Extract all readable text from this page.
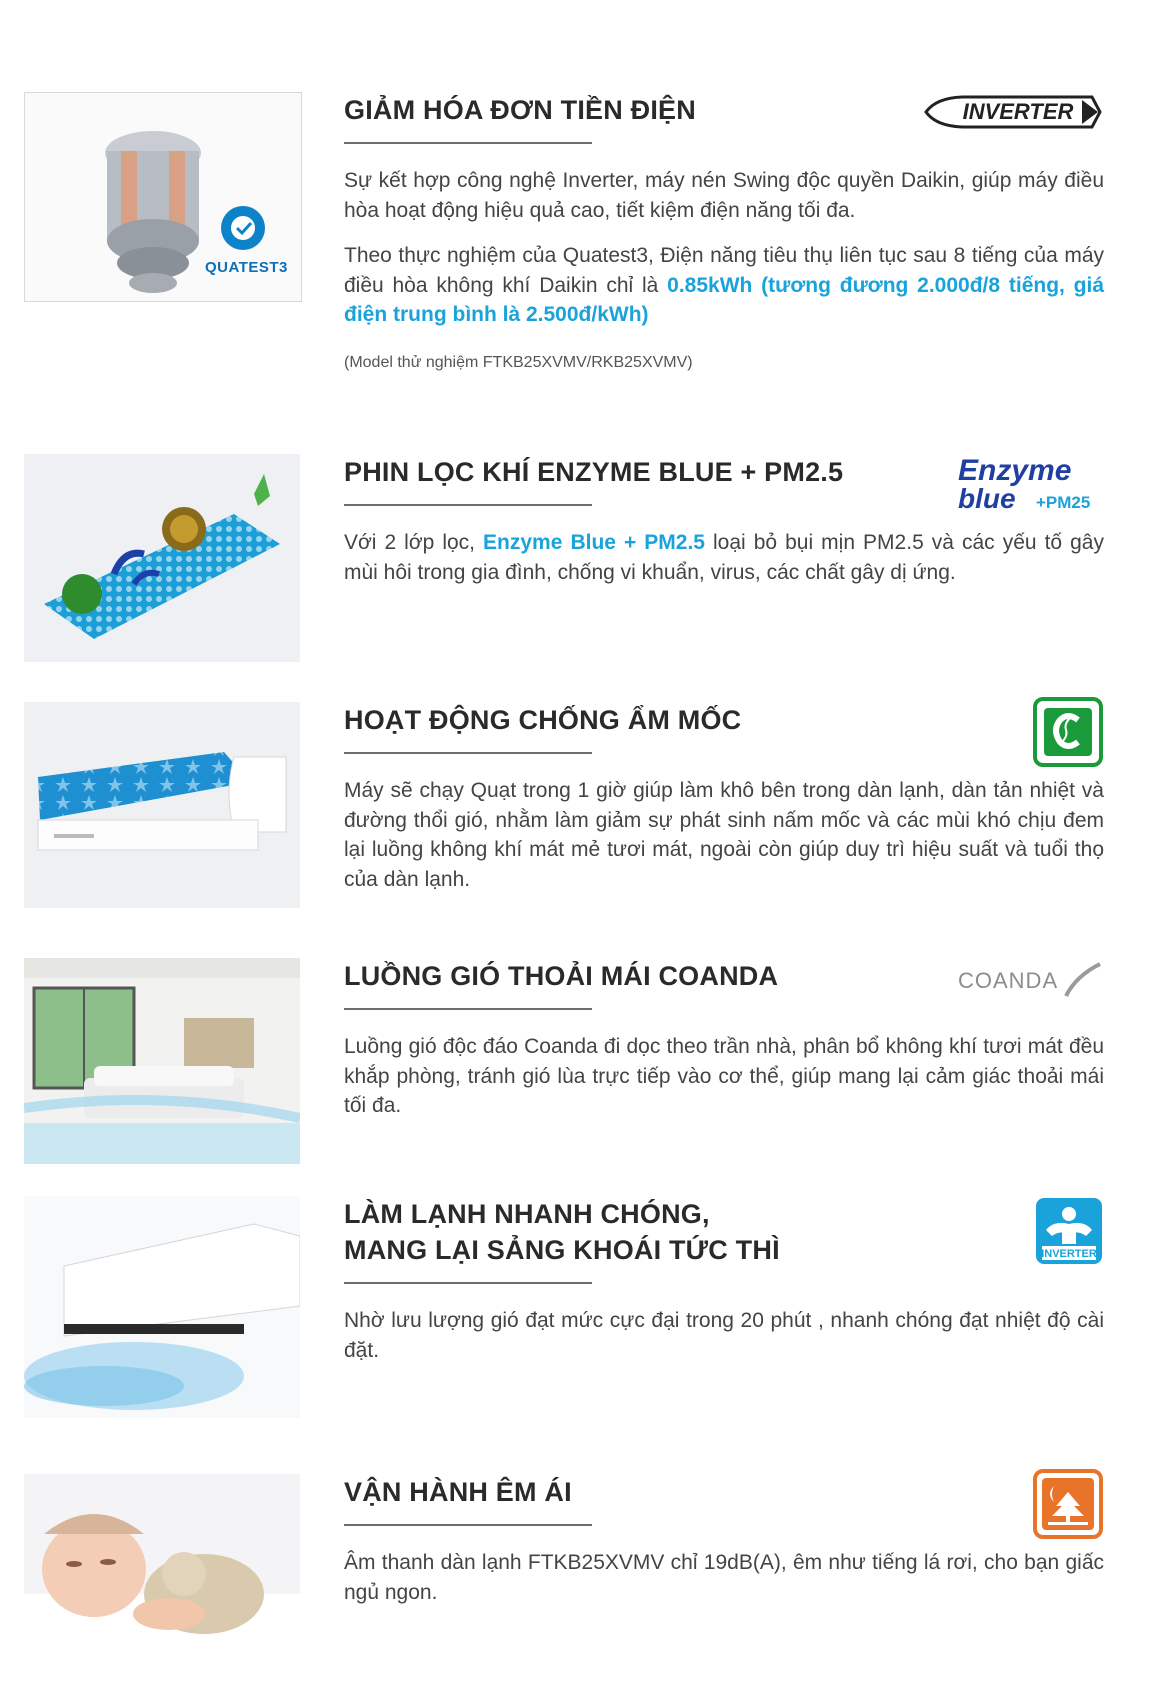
QUATEST3
GIẢM HÓA ĐƠN TIỀN ĐIỆN

Sự kết hợp công nghệ Inverter, máy nén Swing độc quyền Daikin, giúp máy điều hòa hoạt động hiệu quả cao, tiết kiệm điện năng tối đa.

Theo thực nghiệm của Quatest3, Điện năng tiêu thụ liên tục sau 8 tiếng của máy điều hòa không khí Daikin chỉ là 0.85kWh (tương đương 2.000đ/8 tiếng, giá điện trung bình là 2.500đ/kWh)

(Model thử nghiệm FTKB25XVMV/RKB25XVMV)
INVERTER
PHIN LỌC KHÍ ENZYME BLUE + PM2.5

Với 2 lớp lọc, Enzyme Blue + PM2.5 loại bỏ bụi mịn PM2.5 và các yếu tố gây mùi hôi trong gia đình, chống vi khuẩn, virus, các chất gây dị ứng.

Enzyme
blue +PM25
HOẠT ĐỘNG CHỐNG ẨM MỐC

Máy sẽ chạy Quạt trong 1 giờ giúp làm khô bên trong dàn lạnh, dàn tản nhiệt và đường thổi gió, nhằm làm giảm sự phát sinh nấm mốc và các mùi khó chịu đem lại luồng không khí mát mẻ tươi mát, ngoài còn giúp duy trì hiệu suất và tuổi thọ của dàn lạnh.

LUỒNG GIÓ THOẢI MÁI COANDA

Luồng gió độc đáo Coanda đi dọc theo trần nhà, phân bổ không khí tươi mát đều khắp phòng, tránh gió lùa trực tiếp vào cơ thể, giúp mang lại cảm giác thoải mái tối đa.

COANDA
LÀM LẠNH NHANH CHÓNG,
MANG LẠI SẢNG KHOÁI TỨC THÌ

Nhờ lưu lượng gió đạt mức cực đại trong 20 phút , nhanh chóng đạt nhiệt độ cài đặt.

INVERTER
VẬN HÀNH ÊM ÁI

Âm thanh dàn lạnh FTKB25XVMV chỉ 19dB(A), êm như tiếng lá rơi, cho bạn giấc ngủ ngon.
